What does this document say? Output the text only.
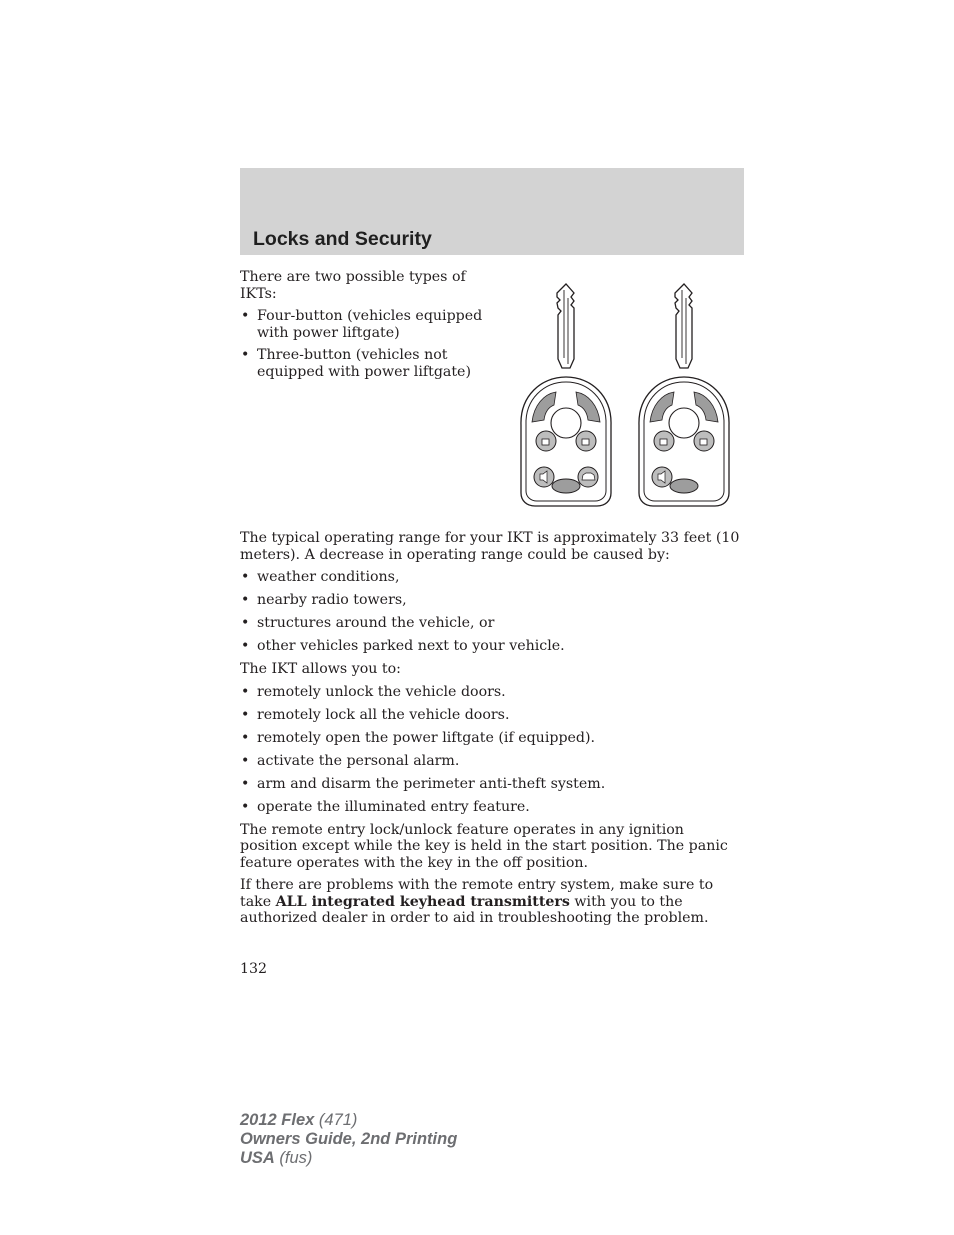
Locks and Security

There are two possible types of IKTs:

• Four-button (vehicles equipped with power liftgate)
• Three-button (vehicles not equipped with power liftgate)

The typical operating range for your IKT is approximately 33 feet (10 meters). A decrease in operating range could be caused by:

• weather conditions,
• nearby radio towers,
• structures around the vehicle, or
• other vehicles parked next to your vehicle.

The IKT allows you to:

• remotely unlock the vehicle doors.
• remotely lock all the vehicle doors.
• remotely open the power liftgate (if equipped).
• activate the personal alarm.
• arm and disarm the perimeter anti-theft system.
• operate the illuminated entry feature.

The remote entry lock/unlock feature operates in any ignition position except while the key is held in the start position. The panic feature operates with the key in the off position.

If there are problems with the remote entry system, make sure to take ALL integrated keyhead transmitters with you to the authorized dealer in order to aid in troubleshooting the problem.

132
2012 Flex (471)
Owners Guide, 2nd Printing
USA (fus)
